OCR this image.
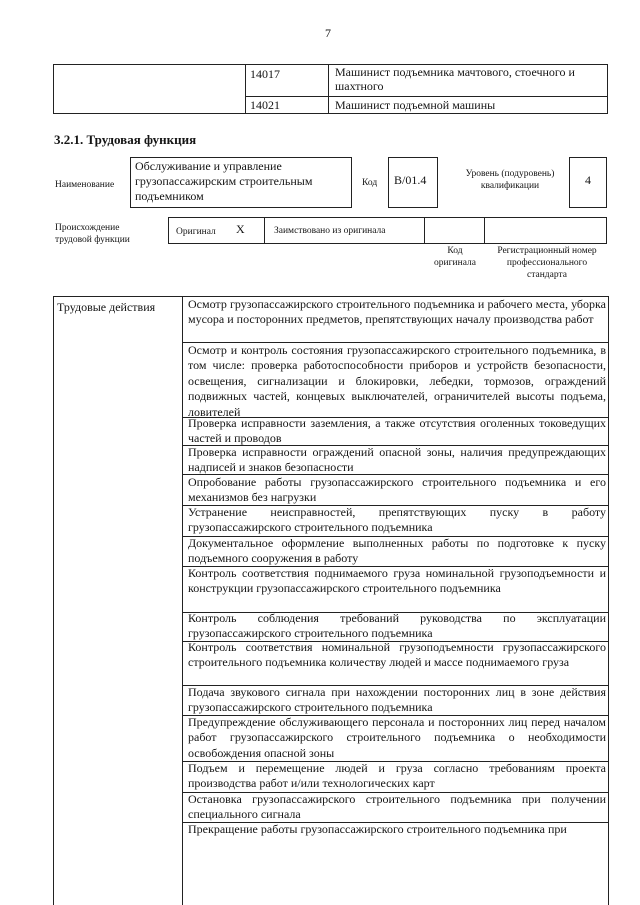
7
14017	Машинист подъемника мачтового, стоечного и шахтного
14021	Машинист подъемной машины
3.2.1. Трудовая функция
Наименование
Обслуживание и управление грузопассажирским строительным подъемником
Код В/01.4	Уровень (подуровень) квалификации	4
Происхождение трудовой функции
Оригинал X	Заимствовано из оригинала
Код оригинала
Регистрационный номер профессионального стандарта
Трудовые действия	Осмотр грузопассажирского строительного подъемника и рабочего места, уборка мусора и посторонних предметов, препятствующих началу производства работ
Осмотр и контроль состояния грузопассажирского строительного подъемника, в том числе: проверка работоспособности приборов и устройств безопасности, освещения, сигнализации и блокировки, лебедки, тормозов, ограждений подвижных частей, концевых выключателей, ограничителей высоты подъема, ловителей
Проверка исправности заземления, а также отсутствия оголенных токоведущих частей и проводов
Проверка исправности ограждений опасной зоны, наличия предупреждающих надписей и знаков безопасности
Опробование работы грузопассажирского строительного подъемника и его механизмов без нагрузки
Устранение неисправностей, препятствующих пуску в работу грузопассажирского строительного подъемника
Документальное оформление выполненных работы по подготовке к пуску подъемного сооружения в работу
Контроль соответствия поднимаемого груза номинальной грузоподъемности и конструкции грузопассажирского строительного подъемника
Контроль соблюдения требований руководства по эксплуатации грузопассажирского строительного подъемника
Контроль соответствия номинальной грузоподъемности грузопассажирского строительного подъемника количеству людей и массе поднимаемого груза
Подача звукового сигнала при нахождении посторонних лиц в зоне действия грузопассажирского строительного подъемника
Предупреждение обслуживающего персонала и посторонних лиц перед началом работ грузопассажирского строительного подъемника о необходимости освобождения опасной зоны
Подъем и перемещение людей и груза согласно требованиям проекта производства работ и/или технологических карт
Остановка грузопассажирского строительного подъемника при получении специального сигнала
Прекращение работы грузопассажирского строительного подъемника при
